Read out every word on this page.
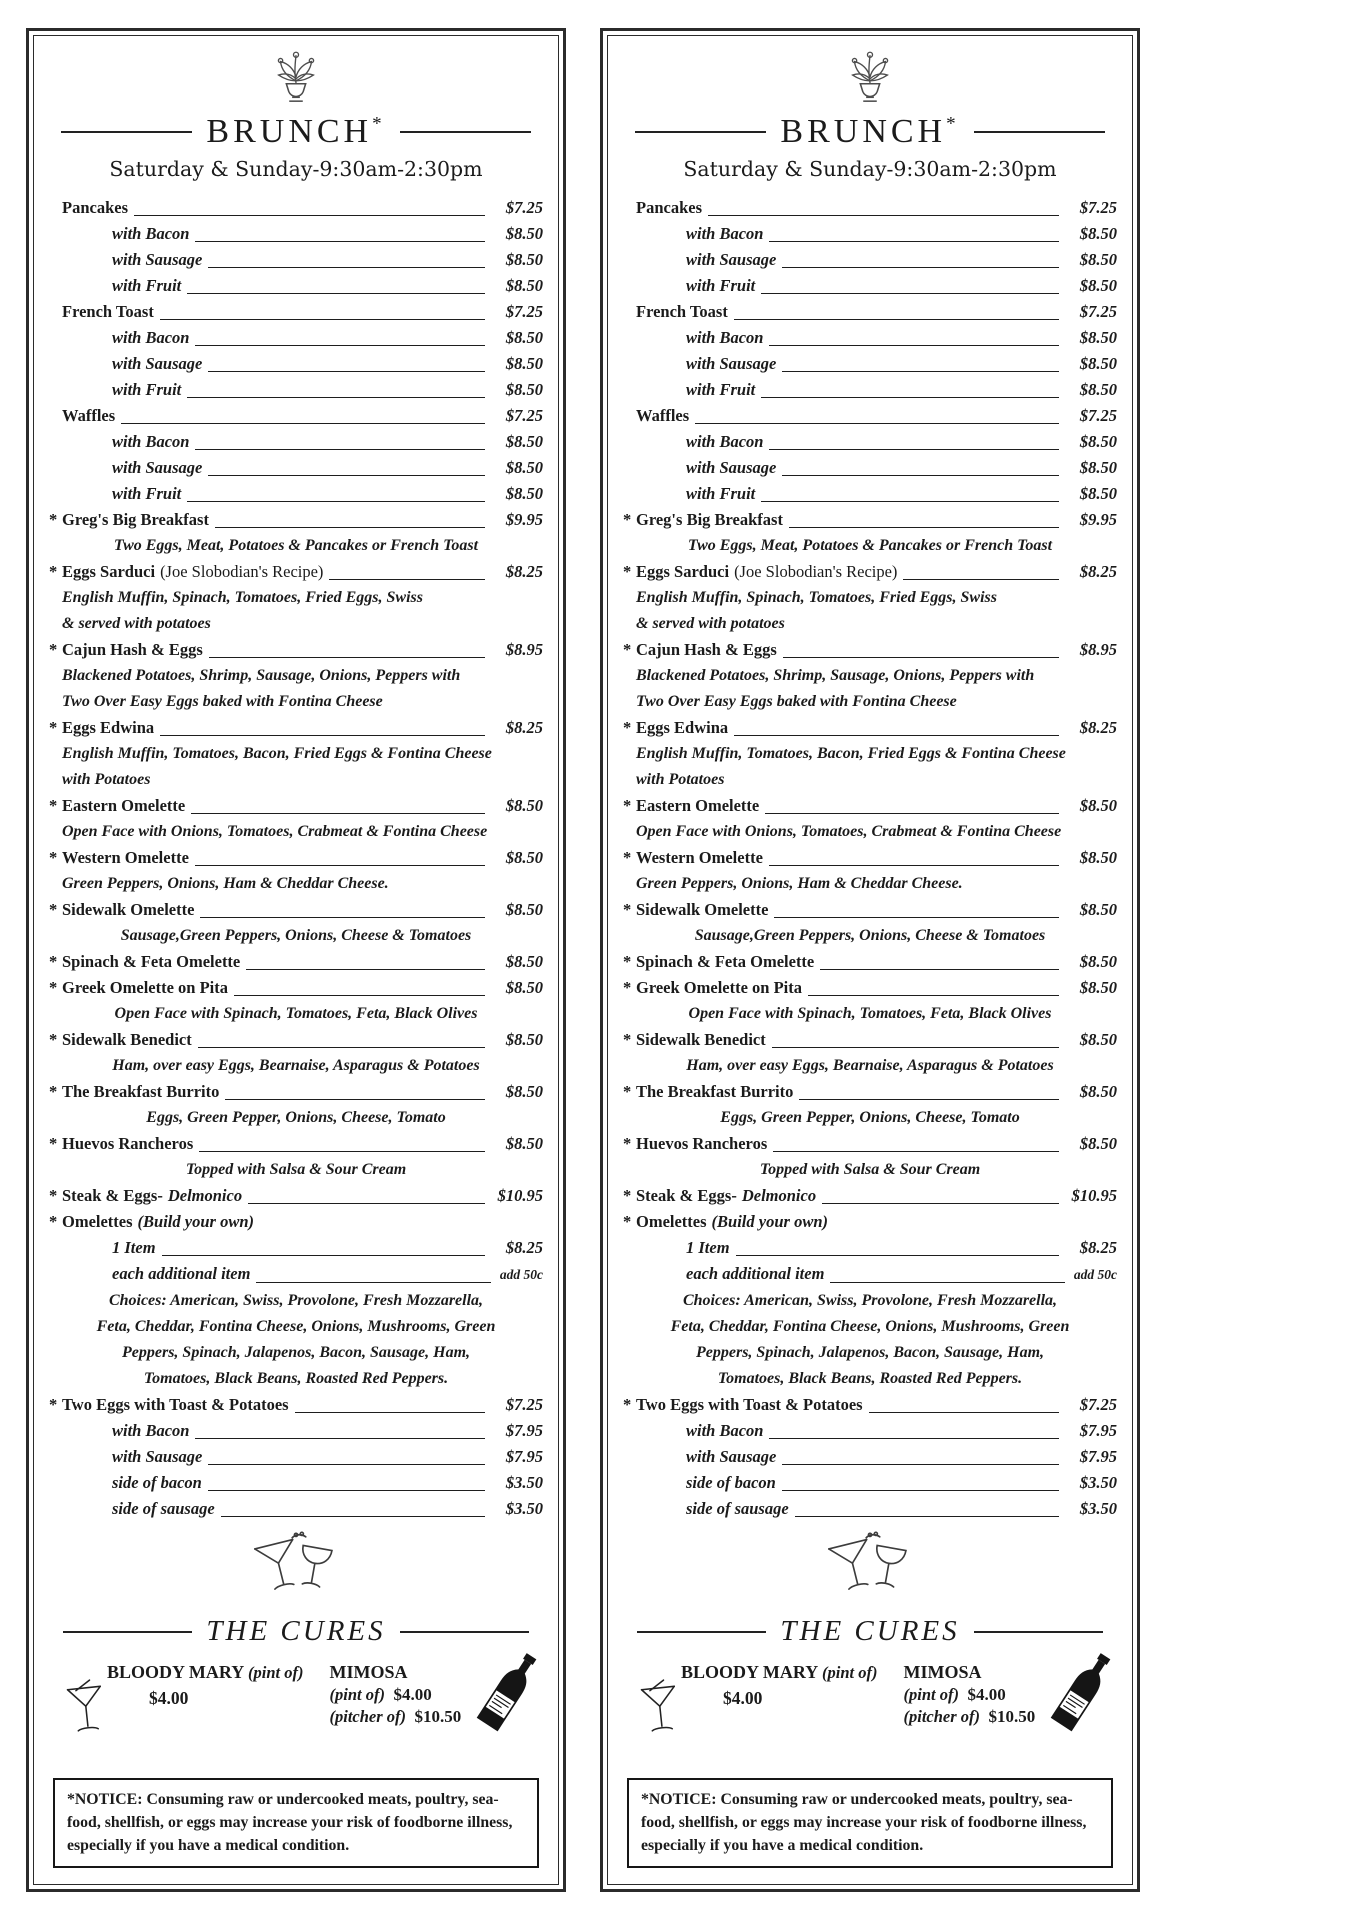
BRUNCH*
Saturday & Sunday-9:30am-2:30pm
Pancakes	$7.25
with Bacon	$8.50
with Sausage	$8.50
with Fruit	$8.50
French Toast	$7.25
with Bacon	$8.50
with Sausage	$8.50
with Fruit	$8.50
Waffles	$7.25
with Bacon	$8.50
with Sausage	$8.50
with Fruit	$8.50
* Greg's Big Breakfast	$9.95
Two Eggs, Meat, Potatoes & Pancakes or French Toast
* Eggs Sarduci (Joe Slobodian's Recipe)	$8.25
English Muffin, Spinach, Tomatoes, Fried Eggs, Swiss
& served with potatoes
* Cajun Hash & Eggs	$8.95
Blackened Potatoes, Shrimp, Sausage, Onions, Peppers with
Two Over Easy Eggs baked with Fontina Cheese
* Eggs Edwina	$8.25
English Muffin, Tomatoes, Bacon, Fried Eggs & Fontina Cheese
with Potatoes
* Eastern Omelette	$8.50
Open Face with Onions, Tomatoes, Crabmeat & Fontina Cheese
* Western Omelette	$8.50
Green Peppers, Onions, Ham & Cheddar Cheese.
* Sidewalk Omelette	$8.50
Sausage,Green Peppers, Onions, Cheese & Tomatoes
* Spinach & Feta Omelette	$8.50
* Greek Omelette on Pita	$8.50
Open Face with Spinach, Tomatoes, Feta, Black Olives
* Sidewalk Benedict	$8.50
Ham, over easy Eggs, Bearnaise, Asparagus & Potatoes
* The Breakfast Burrito	$8.50
Eggs, Green Pepper, Onions, Cheese, Tomato
* Huevos Rancheros	$8.50
Topped with Salsa & Sour Cream
* Steak & Eggs- Delmonico	$10.95
* Omelettes (Build your own)
1 Item	$8.25
each additional item	add 50c
Choices: American, Swiss, Provolone, Fresh Mozzarella,
Feta, Cheddar, Fontina Cheese, Onions, Mushrooms, Green
Peppers, Spinach, Jalapenos, Bacon, Sausage, Ham,
Tomatoes, Black Beans, Roasted Red Peppers.
* Two Eggs with Toast & Potatoes	$7.25
with Bacon	$7.95
with Sausage	$7.95
side of bacon	$3.50
side of sausage	$3.50
THE CURES
BLOODY MARY (pint of)
$4.00
MIMOSA
(pint of) $4.00
(pitcher of) $10.50
*NOTICE: Consuming raw or undercooked meats, poultry, sea-
food, shellfish, or eggs may increase your risk of foodborne illness,
especially if you have a medical condition.
BRUNCH*
Saturday & Sunday-9:30am-2:30pm
Pancakes	$7.25
with Bacon	$8.50
with Sausage	$8.50
with Fruit	$8.50
French Toast	$7.25
with Bacon	$8.50
with Sausage	$8.50
with Fruit	$8.50
Waffles	$7.25
with Bacon	$8.50
with Sausage	$8.50
with Fruit	$8.50
* Greg's Big Breakfast	$9.95
Two Eggs, Meat, Potatoes & Pancakes or French Toast
* Eggs Sarduci (Joe Slobodian's Recipe)	$8.25
English Muffin, Spinach, Tomatoes, Fried Eggs, Swiss
& served with potatoes
* Cajun Hash & Eggs	$8.95
Blackened Potatoes, Shrimp, Sausage, Onions, Peppers with
Two Over Easy Eggs baked with Fontina Cheese
* Eggs Edwina	$8.25
English Muffin, Tomatoes, Bacon, Fried Eggs & Fontina Cheese
with Potatoes
* Eastern Omelette	$8.50
Open Face with Onions, Tomatoes, Crabmeat & Fontina Cheese
* Western Omelette	$8.50
Green Peppers, Onions, Ham & Cheddar Cheese.
* Sidewalk Omelette	$8.50
Sausage,Green Peppers, Onions, Cheese & Tomatoes
* Spinach & Feta Omelette	$8.50
* Greek Omelette on Pita	$8.50
Open Face with Spinach, Tomatoes, Feta, Black Olives
* Sidewalk Benedict	$8.50
Ham, over easy Eggs, Bearnaise, Asparagus & Potatoes
* The Breakfast Burrito	$8.50
Eggs, Green Pepper, Onions, Cheese, Tomato
* Huevos Rancheros	$8.50
Topped with Salsa & Sour Cream
* Steak & Eggs- Delmonico	$10.95
* Omelettes (Build your own)
1 Item	$8.25
each additional item	add 50c
Choices: American, Swiss, Provolone, Fresh Mozzarella,
Feta, Cheddar, Fontina Cheese, Onions, Mushrooms, Green
Peppers, Spinach, Jalapenos, Bacon, Sausage, Ham,
Tomatoes, Black Beans, Roasted Red Peppers.
* Two Eggs with Toast & Potatoes	$7.25
with Bacon	$7.95
with Sausage	$7.95
side of bacon	$3.50
side of sausage	$3.50
THE CURES
BLOODY MARY (pint of)
$4.00
MIMOSA
(pint of) $4.00
(pitcher of) $10.50
*NOTICE: Consuming raw or undercooked meats, poultry, sea-
food, shellfish, or eggs may increase your risk of foodborne illness,
especially if you have a medical condition.
